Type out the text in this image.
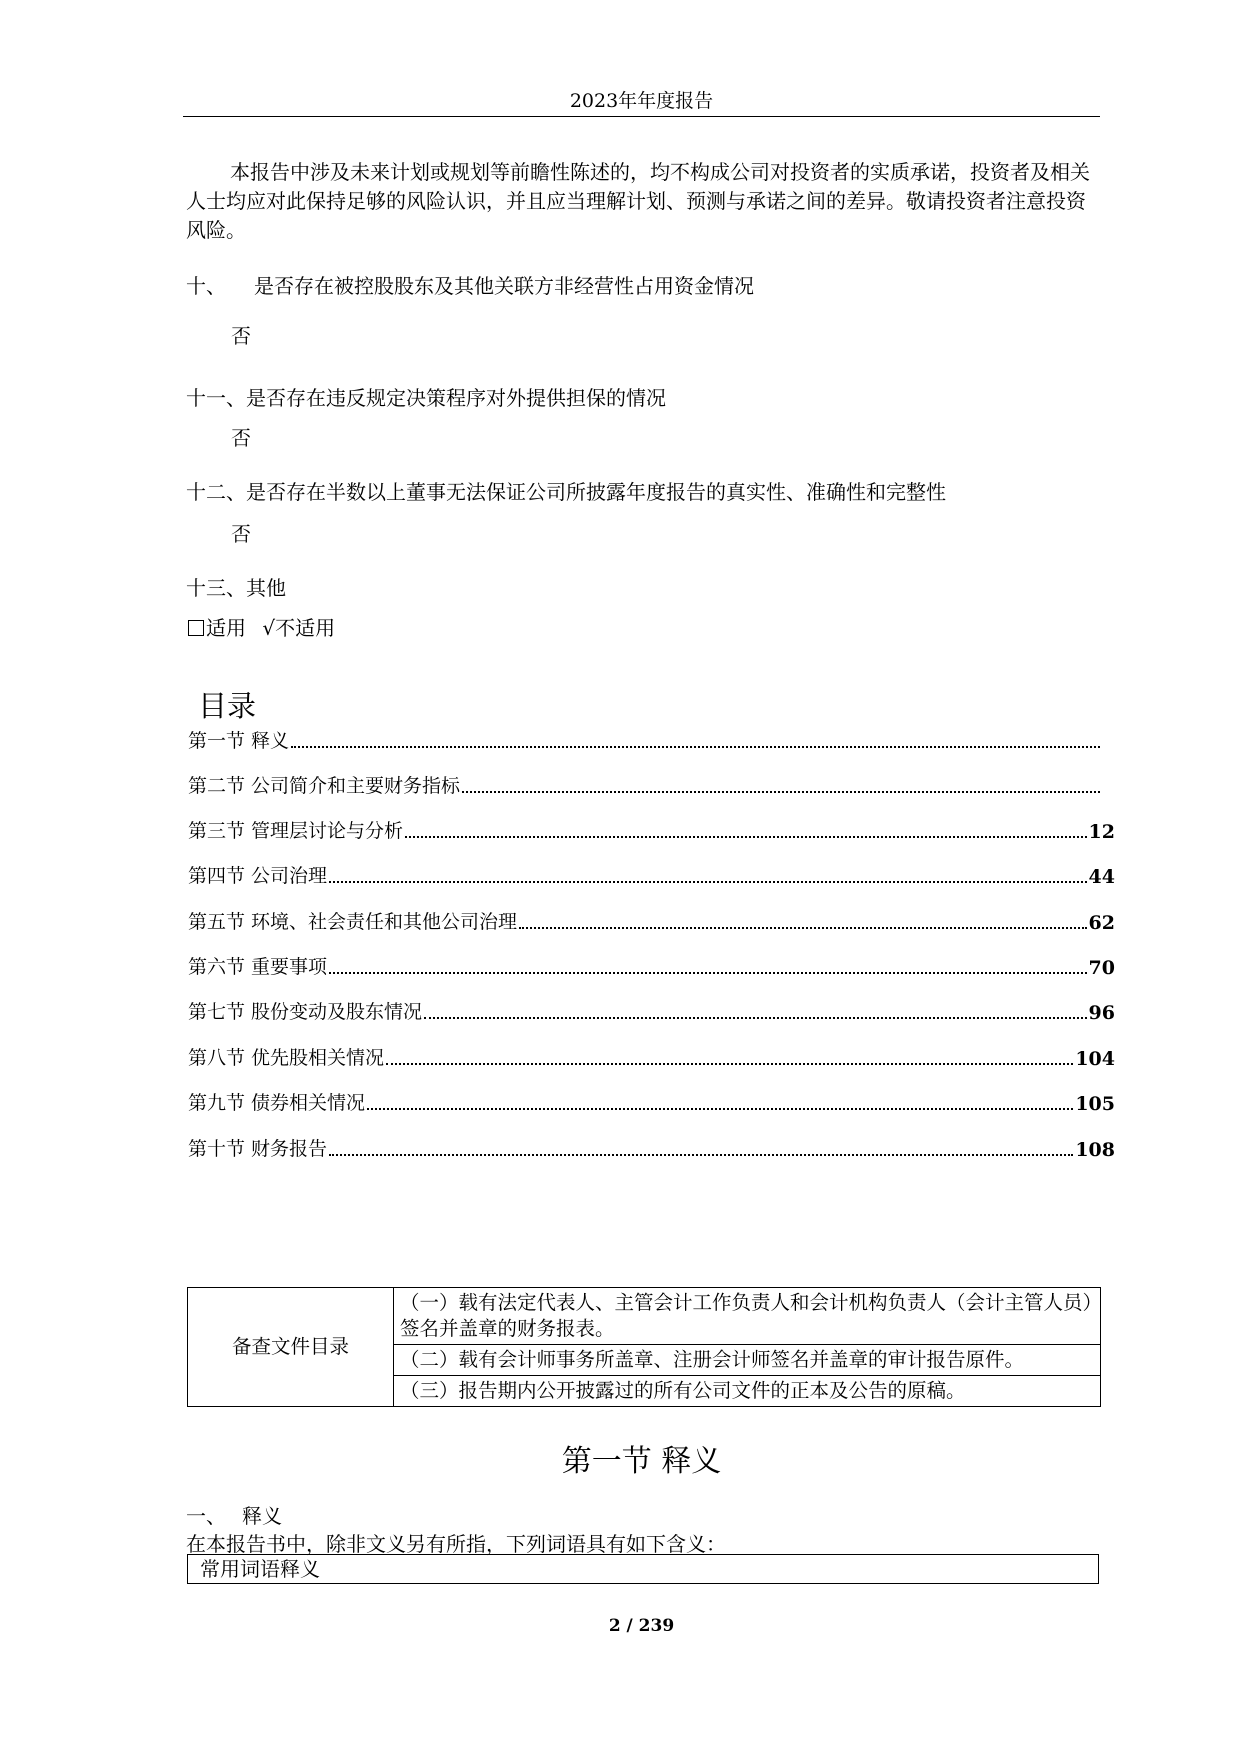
2023年年度报告
本报告中涉及未来计划或规划等前瞻性陈述的，均不构成公司对投资者的实质承诺，投资者及相关人士均应对此保持足够的风险认识，并且应当理解计划、预测与承诺之间的差异。敬请投资者注意投资风险。
十、 是否存在被控股股东及其他关联方非经营性占用资金情况
否
十一、是否存在违反规定决策程序对外提供担保的情况
否
十二、是否存在半数以上董事无法保证公司所披露年度报告的真实性、准确性和完整性
否
十三、其他
适用 √不适用
目录
第一节 释义
第二节 公司简介和主要财务指标
第三节 管理层讨论与分析	12
第四节 公司治理	44
第五节 环境、社会责任和其他公司治理	62
第六节 重要事项	70
第七节 股份变动及股东情况	96
第八节 优先股相关情况	104
第九节 债券相关情况	105
第十节 财务报告	108
备查文件目录	（一）载有法定代表人、主管会计工作负责人和会计机构负责人（会计主管人员）签名并盖章的财务报表。
（二）载有会计师事务所盖章、注册会计师签名并盖章的审计报告原件。
（三）报告期内公开披露过的所有公司文件的正本及公告的原稿。
第一节 释义
一、 释义
在本报告书中，除非文义另有所指，下列词语具有如下含义：
常用词语释义
2 / 239
